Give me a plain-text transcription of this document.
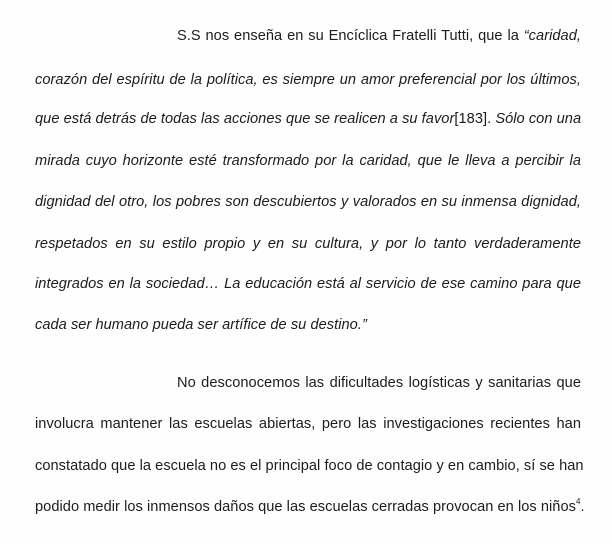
S.S nos enseña en su Encíclica Fratelli Tutti, que la “caridad,
corazón del espíritu de la política, es siempre un amor preferencial por los últimos,
que está detrás de todas las acciones que se realicen a su favor[183]. Sólo con una
mirada cuyo horizonte esté transformado por la caridad, que le lleva a percibir la
dignidad del otro, los pobres son descubiertos y valorados en su inmensa dignidad,
respetados en su estilo propio y en su cultura, y por lo tanto verdaderamente
integrados en la sociedad… La educación está al servicio de ese camino para que
cada ser humano pueda ser artífice de su destino.”
No desconocemos las dificultades logísticas y sanitarias que
involucra mantener las escuelas abiertas, pero las investigaciones recientes han
constatado que la escuela no es el principal foco de contagio y en cambio, sí se han
podido medir los inmensos daños que las escuelas cerradas provocan en los niños$^4$.
